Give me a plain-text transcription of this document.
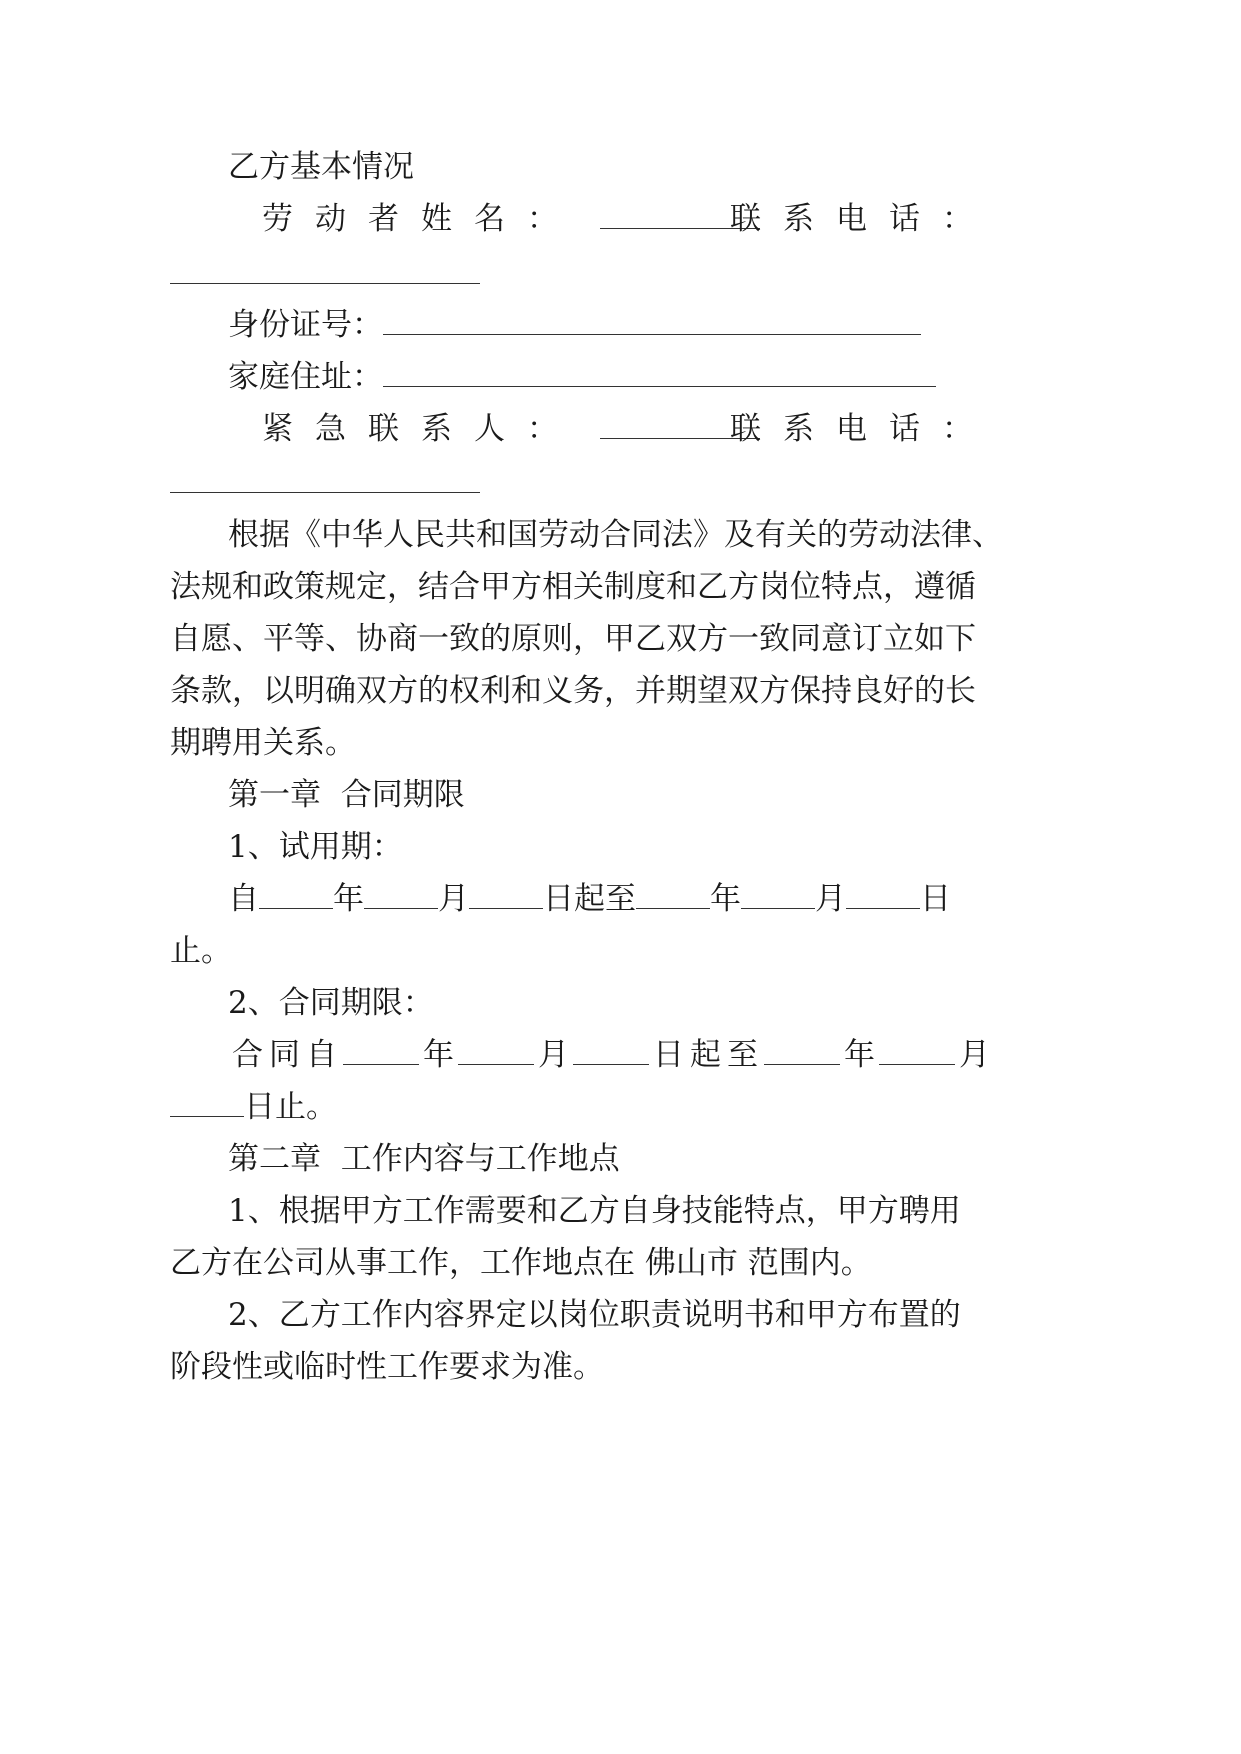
乙方基本情况
劳动者姓名：	联系电话：
身份证号：
家庭住址：
紧急联系人：	联系电话：
根据《中华人民共和国劳动合同法》及有关的劳动法律、
法规和政策规定，结合甲方相关制度和乙方岗位特点，遵循
自愿、平等、协商一致的原则，甲乙双方一致同意订立如下
条款，以明确双方的权利和义务，并期望双方保持良好的长
期聘用关系。
第一章  合同期限
1、试用期：
自 年 月 日起至 年 月 日
止。
2、合同期限：
合同自	年	月	日起至	年	月
日止。
第二章  工作内容与工作地点
1、根据甲方工作需要和乙方自身技能特点，甲方聘用
乙方在公司从事工作，工作地点在 佛山市 范围内。
2、乙方工作内容界定以岗位职责说明书和甲方布置的
阶段性或临时性工作要求为准。
